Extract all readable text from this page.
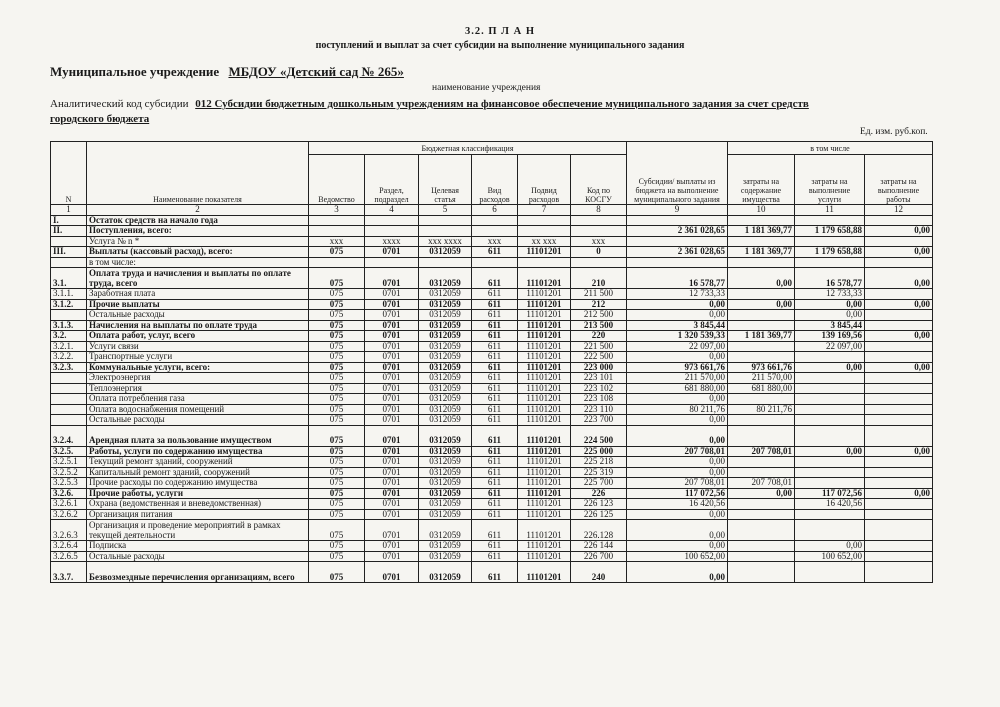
3.2. П Л А Н
поступлений и выплат за счет субсидии на выполнение муниципального задания
Муниципальное учреждение МБДОУ «Детский сад № 265»
наименование учреждения
Аналитический код субсидии 012 Субсидии бюджетным дошкольным учреждениям на финансовое обеспечение муниципального задания за счет средств
городского бюджета
Ед. изм. руб.коп.
N	Наименование показателя	Бюджетная классификация						Субсидии/ выплаты из бюджета на выполнение муниципального задания	в том числе		
		Ведомство	Раздел, подраздел	Целевая статья	Вид расходов	Подвид расходов	Код по КОСГУ		затраты на содержание имущества	затраты на выполнение услуги	затраты на выполнение работы
1	2	3	4	5	6	7	8	9	10	11	12
I.	Остаток средств на начало года										
II.	Поступления, всего:							2 361 028,65	1 181 369,77	1 179 658,88	0,00
	Услуга № n *	xxx	xxxx	xxx xxxx	xxx	xx xxx	xxx				
III.	Выплаты (кассовый расход), всего:	075	0701	0312059	611	11101201	0	2 361 028,65	1 181 369,77	1 179 658,88	0,00
	в том числе:										
3.1.	Оплата труда и начисления и выплаты по оплате труда, всего	075	0701	0312059	611	11101201	210	16 578,77	0,00	16 578,77	0,00
3.1.1.	Заработная плата	075	0701	0312059	611	11101201	211 500	12 733,33		12 733,33	
3.1.2.	Прочие выплаты	075	0701	0312059	611	11101201	212	0,00	0,00	0,00	0,00
	Остальные расходы	075	0701	0312059	611	11101201	212 500	0,00		0,00	
3.1.3.	Начисления на выплаты по оплате труда	075	0701	0312059	611	11101201	213 500	3 845,44		3 845,44	
3.2.	Оплата работ, услуг, всего	075	0701	0312059	611	11101201	220	1 320 539,33	1 181 369,77	139 169,56	0,00
3.2.1.	Услуги связи	075	0701	0312059	611	11101201	221 500	22 097,00		22 097,00	
3.2.2.	Транспортные услуги	075	0701	0312059	611	11101201	222 500	0,00			
3.2.3.	Коммунальные услуги, всего:	075	0701	0312059	611	11101201	223 000	973 661,76	973 661,76	0,00	0,00
	Электроэнергия	075	0701	0312059	611	11101201	223 101	211 570,00	211 570,00		
	Теплоэнергия	075	0701	0312059	611	11101201	223 102	681 880,00	681 880,00		
	Оплата потребления газа	075	0701	0312059	611	11101201	223 108	0,00			
	Оплата водоснабжения помещений	075	0701	0312059	611	11101201	223 110	80 211,76	80 211,76		
	Остальные расходы	075	0701	0312059	611	11101201	223 700	0,00			
3.2.4.	Арендная плата за пользование имуществом	075	0701	0312059	611	11101201	224 500	0,00			
3.2.5.	Работы, услуги по содержанию имущества	075	0701	0312059	611	11101201	225 000	207 708,01	207 708,01	0,00	0,00
3.2.5.1	Текущий ремонт зданий, сооружений	075	0701	0312059	611	11101201	225 218	0,00			
3.2.5.2	Капитальный ремонт зданий, сооружений	075	0701	0312059	611	11101201	225 319	0,00			
3.2.5.3	Прочие расходы по содержанию имущества	075	0701	0312059	611	11101201	225 700	207 708,01	207 708,01		
3.2.6.	Прочие работы, услуги	075	0701	0312059	611	11101201	226	117 072,56	0,00	117 072,56	0,00
3.2.6.1	Охрана (ведомственная и вневедомственная)	075	0701	0312059	611	11101201	226 123	16 420,56		16 420,56	
3.2.6.2	Организация питания	075	0701	0312059	611	11101201	226 125	0,00			
3.2.6.3	Организация и проведение мероприятий в рамках текущей деятельности	075	0701	0312059	611	11101201	226.128	0,00			
3.2.6.4	Подписка	075	0701	0312059	611	11101201	226 144	0,00		0,00	
3.2.6.5	Остальные расходы	075	0701	0312059	611	11101201	226 700	100 652,00		100 652,00	
3.3.7.	Безвозмездные перечисления организациям, всего	075	0701	0312059	611	11101201	240	0,00			
